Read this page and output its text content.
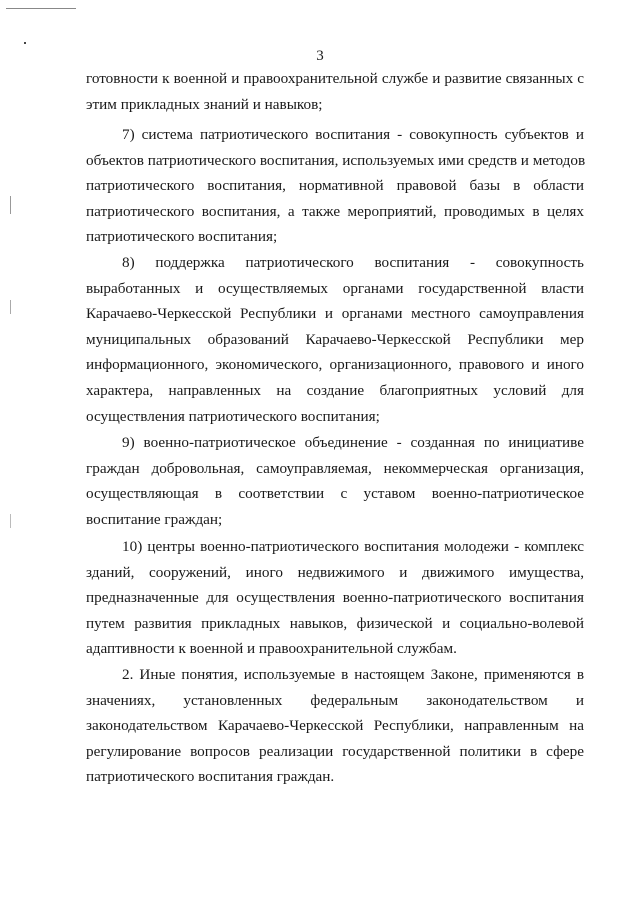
3
готовности к военной и правоохранительной службе и развитие связанных с
этим прикладных знаний и навыков;
7) система патриотического воспитания - совокупность субъектов и
объектов патриотического воспитания, используемых ими средств и методов
патриотического воспитания, нормативной правовой базы в области
патриотического воспитания, а также мероприятий, проводимых в целях
патриотического воспитания;
8) поддержка патриотического воспитания - совокупность
выработанных и осуществляемых органами государственной власти
Карачаево-Черкесской Республики и органами местного самоуправления
муниципальных образований Карачаево-Черкесской Республики мер
информационного, экономического, организационного, правового и иного
характера, направленных на создание благоприятных условий для
осуществления патриотического воспитания;
9) военно-патриотическое объединение - созданная по инициативе
граждан добровольная, самоуправляемая, некоммерческая организация,
осуществляющая в соответствии с уставом военно-патриотическое
воспитание граждан;
10) центры военно-патриотического воспитания молодежи - комплекс
зданий, сооружений, иного недвижимого и движимого имущества,
предназначенные для осуществления военно-патриотического воспитания
путем развития прикладных навыков, физической и социально-волевой
адаптивности к военной и правоохранительной службам.
2. Иные понятия, используемые в настоящем Законе, применяются в
значениях, установленных федеральным законодательством и
законодательством Карачаево-Черкесской Республики, направленным на
регулирование вопросов реализации государственной политики в сфере
патриотического воспитания граждан.
